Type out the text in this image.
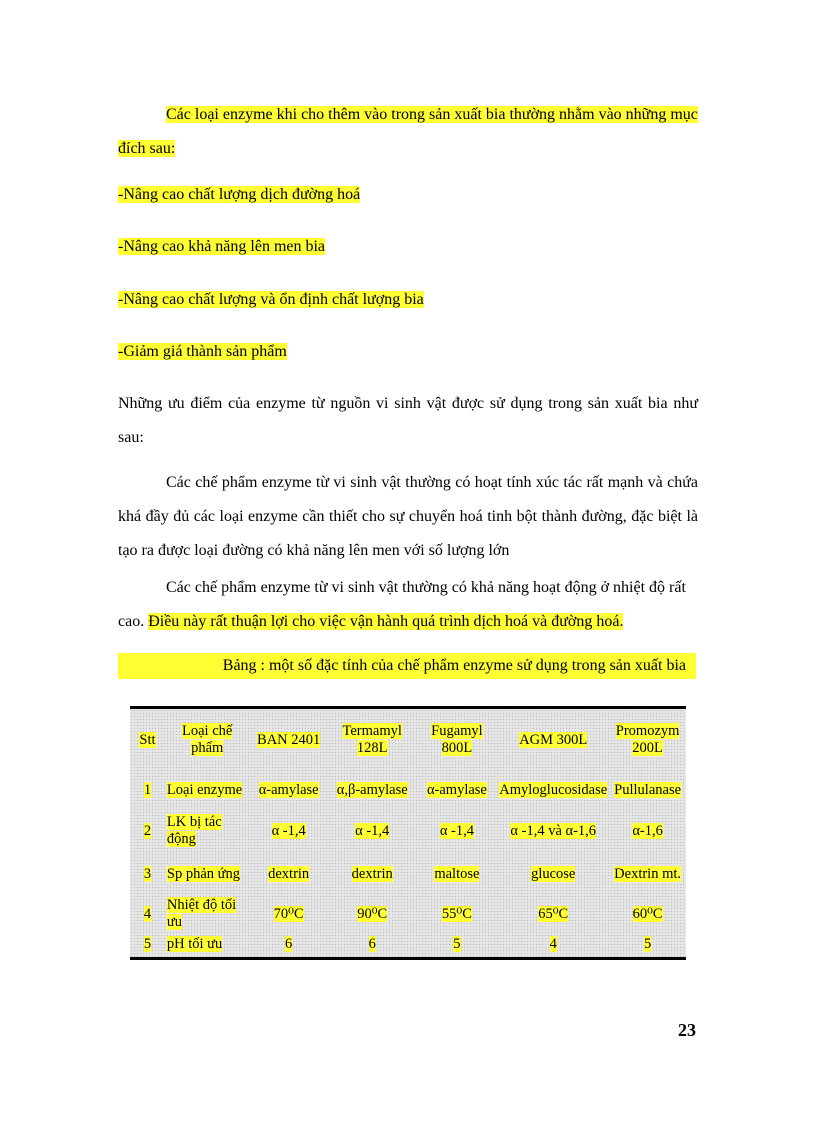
Các loại enzyme khi cho thêm vào trong sản xuất bia thường nhằm vào những mục đích sau:
-Nâng cao chất lượng dịch đường hoá
-Nâng cao khả năng lên men bia
-Nâng cao chất lượng và ổn định chất lượng bia
-Giảm giá thành sản phẩm
Những ưu điểm của enzyme từ nguồn vi sinh vật được sử dụng trong sản xuất bia như sau:
Các chế phẩm enzyme từ vi sinh vật thường có hoạt tính xúc tác rất mạnh và chứa khá đầy đủ các loại enzyme cần thiết cho sự chuyển hoá tinh bột thành đường, đặc biệt là tạo ra được loại đường có khả năng lên men với số lượng lớn
Các chế phẩm enzyme từ vi sinh vật thường có khả năng hoạt động ở nhiệt độ rất cao. Điều này rất thuận lợi cho việc vận hành quá trình dịch hoá và đường hoá.
Bảng : một số đặc tính của chế phẩm enzyme sử dụng trong sản xuất bia
Stt	Loại chế phẩm	BAN 2401	Termamyl 128L	Fugamyl 800L	AGM 300L	Promozym 200L
1	Loại enzyme	α-amylase	α,β-amylase	α-amylase	Amyloglucosidase	Pullulanase
2	LK bị tác động	α -1,4	α -1,4	α -1,4	α -1,4 và α-1,6	α-1,6
3	Sp phản ứng	dextrin	dextrin	maltose	glucose	Dextrin mt.
4	Nhiệt độ tối ưu	70⁰C	90⁰C	55⁰C	65⁰C	60⁰C
5	pH tối ưu	6	6	5	4	5
23
